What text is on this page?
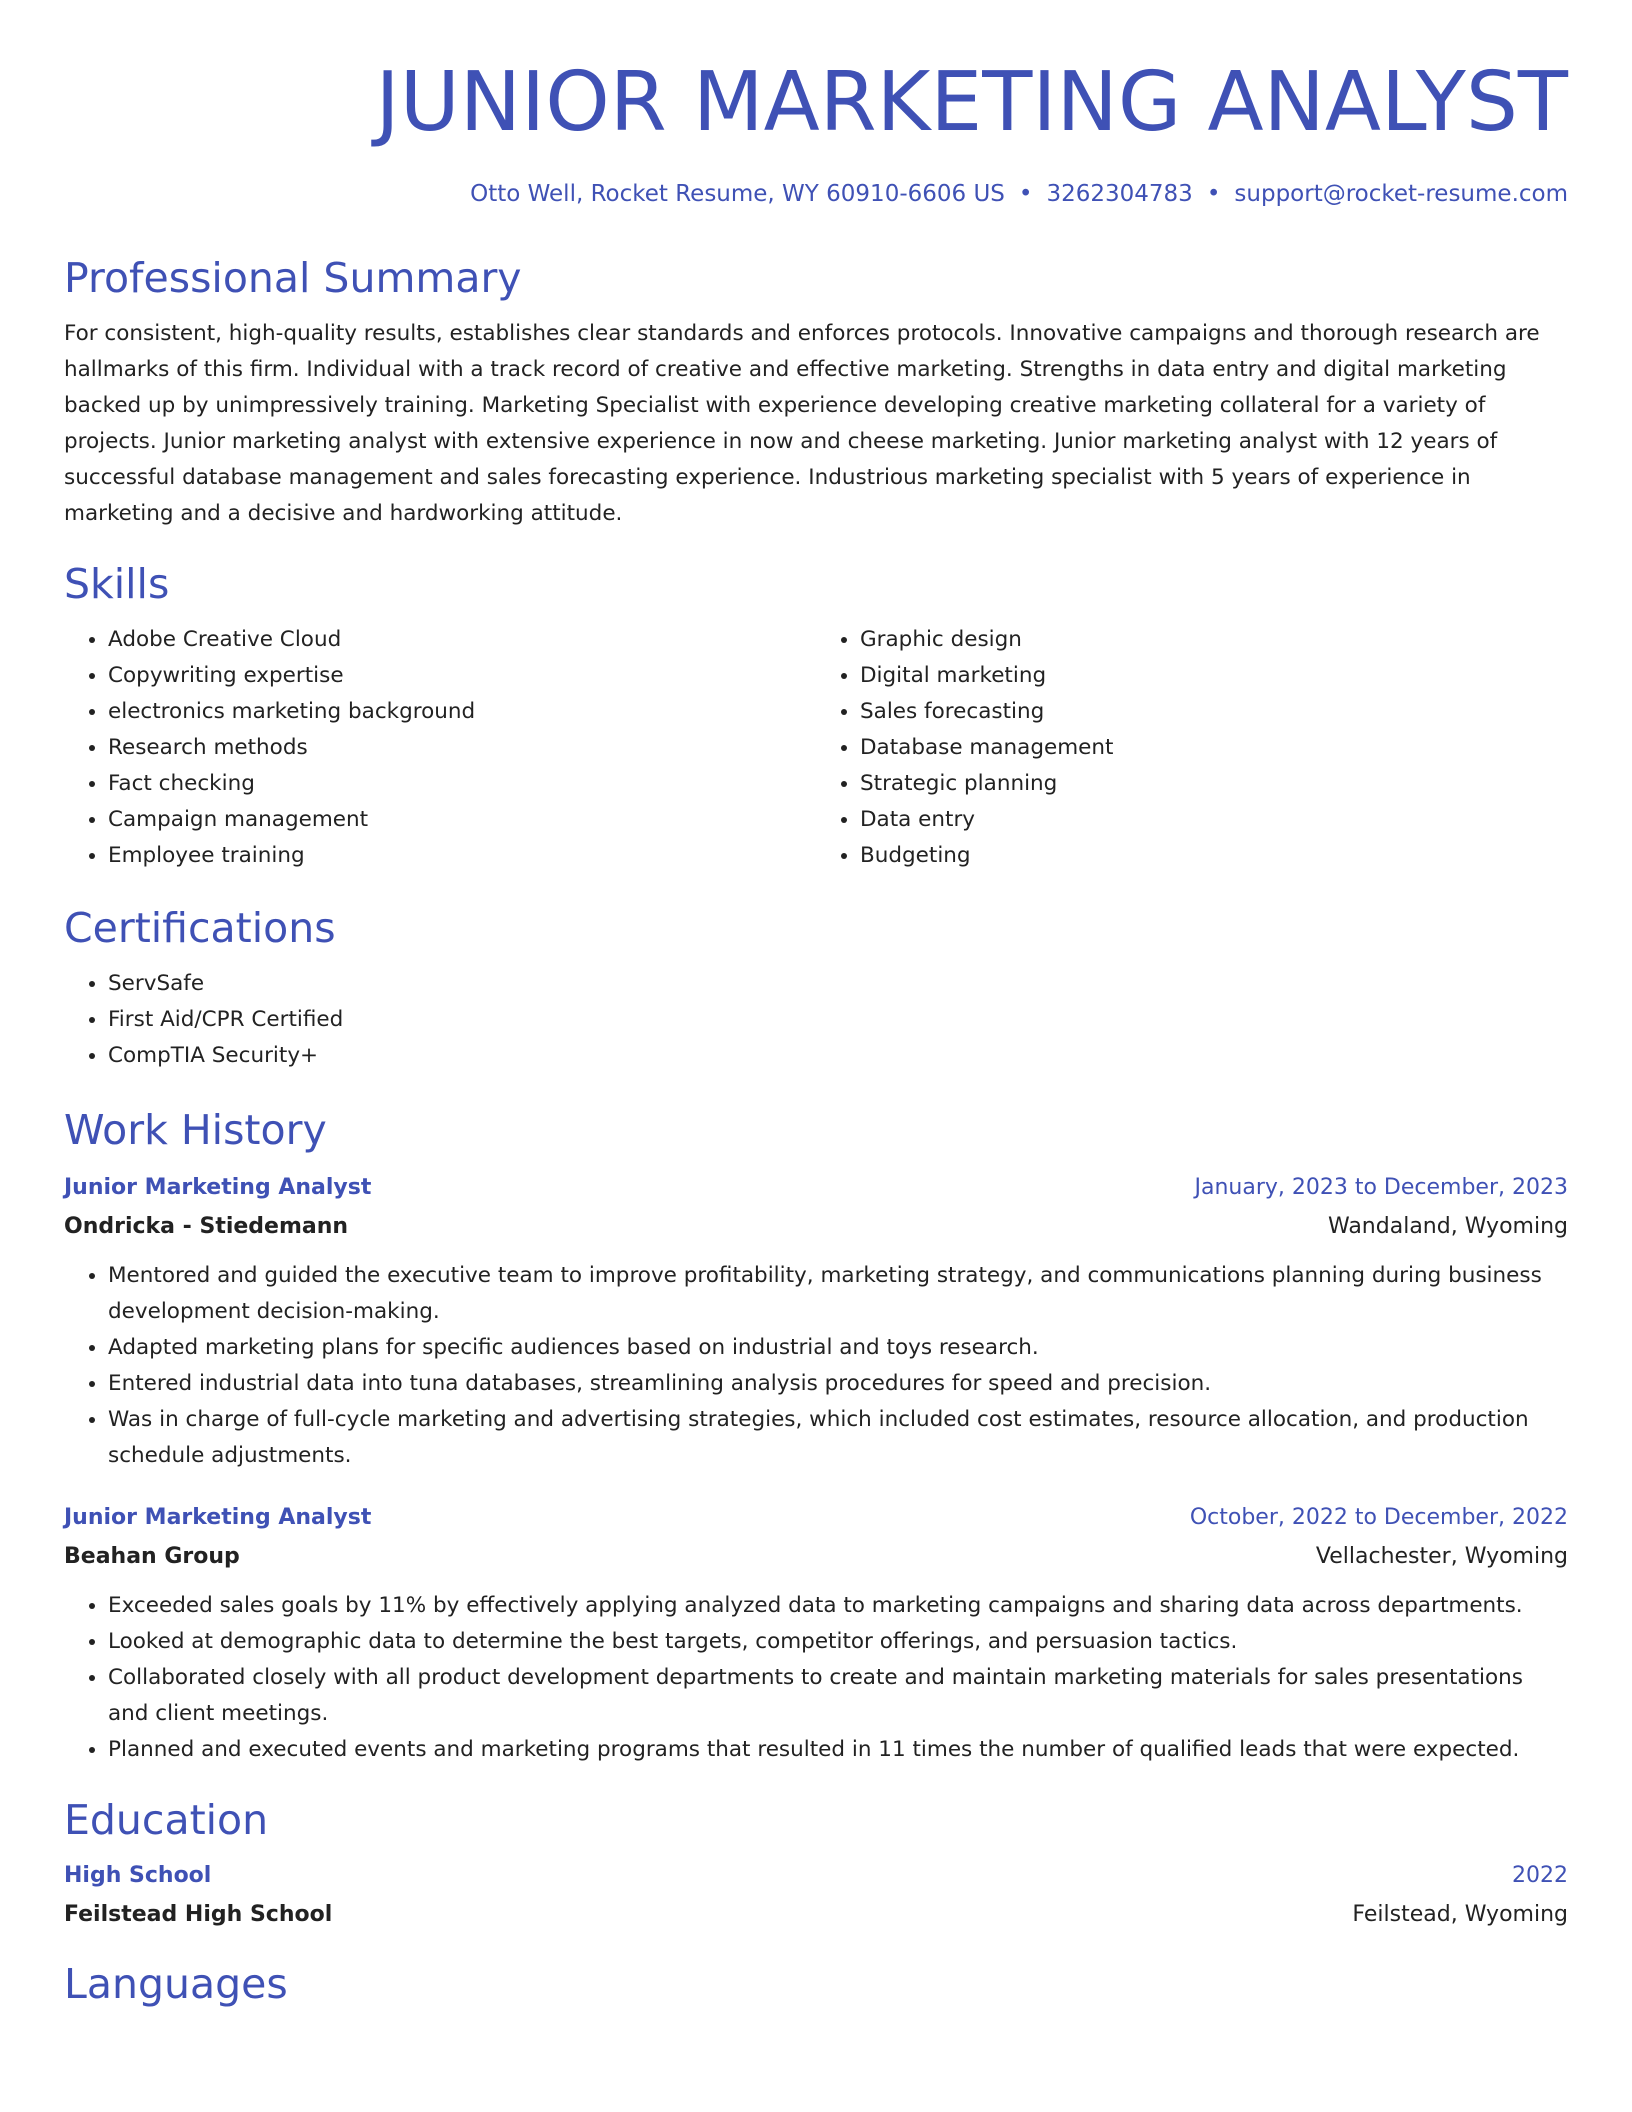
JUNIOR MARKETING ANALYST
Otto Well, Rocket Resume, WY 60910-6606 US • 3262304783 • support@rocket-resume.com
Professional Summary
For consistent, high-quality results, establishes clear standards and enforces protocols. Innovative campaigns and thorough research are hallmarks of this firm. Individual with a track record of creative and effective marketing. Strengths in data entry and digital marketing backed up by unimpressively training. Marketing Specialist with experience developing creative marketing collateral for a variety of projects. Junior marketing analyst with extensive experience in now and cheese marketing. Junior marketing analyst with 12 years of successful database management and sales forecasting experience. Industrious marketing specialist with 5 years of experience in marketing and a decisive and hardworking attitude.
Skills
• Adobe Creative Cloud
• Copywriting expertise
• electronics marketing background
• Research methods
• Fact checking
• Campaign management
• Employee training
• Graphic design
• Digital marketing
• Sales forecasting
• Database management
• Strategic planning
• Data entry
• Budgeting
Certifications
• ServSafe
• First Aid/CPR Certified
• CompTIA Security+
Work History
Junior Marketing Analyst	January, 2023 to December, 2023
Ondricka - Stiedemann	Wandaland, Wyoming
• Mentored and guided the executive team to improve profitability, marketing strategy, and communications planning during business development decision-making.
• Adapted marketing plans for specific audiences based on industrial and toys research.
• Entered industrial data into tuna databases, streamlining analysis procedures for speed and precision.
• Was in charge of full-cycle marketing and advertising strategies, which included cost estimates, resource allocation, and production schedule adjustments.
Junior Marketing Analyst	October, 2022 to December, 2022
Beahan Group	Vellachester, Wyoming
• Exceeded sales goals by 11% by effectively applying analyzed data to marketing campaigns and sharing data across departments.
• Looked at demographic data to determine the best targets, competitor offerings, and persuasion tactics.
• Collaborated closely with all product development departments to create and maintain marketing materials for sales presentations and client meetings.
• Planned and executed events and marketing programs that resulted in 11 times the number of qualified leads that were expected.
Education
High School	2022
Feilstead High School	Feilstead, Wyoming
Languages
